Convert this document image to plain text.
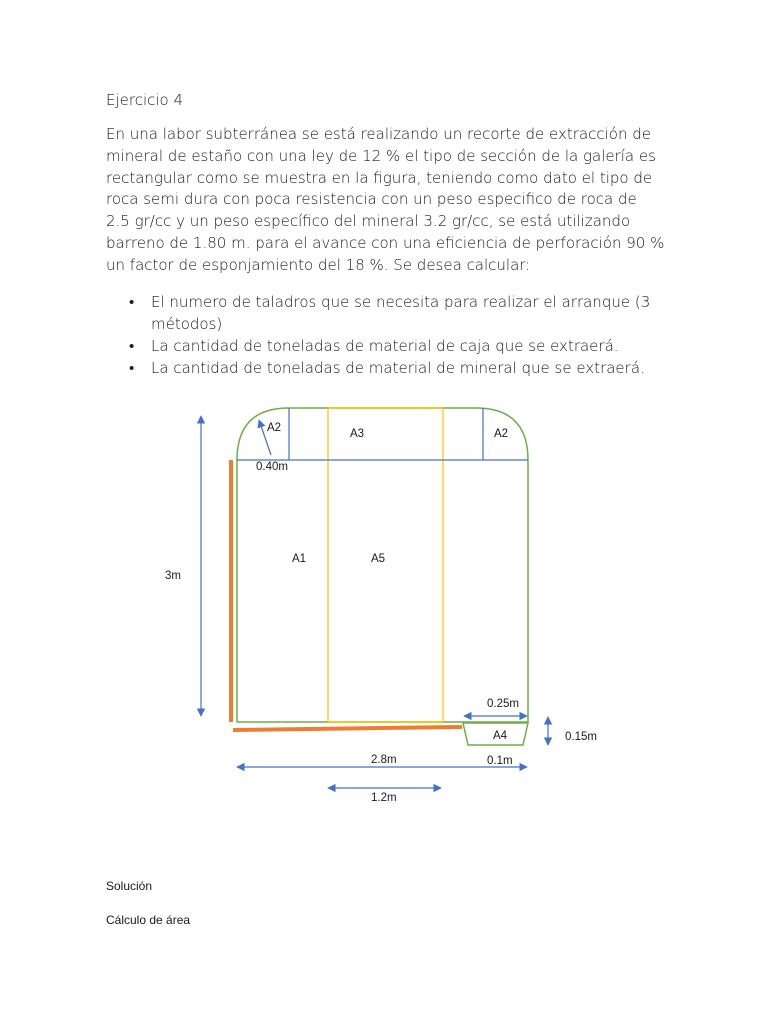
Ejercicio 4
En una labor subterránea se está realizando un recorte de extracción de
mineral de estaño con una ley de 12 % el tipo de sección de la galería es
rectangular como se muestra en la figura, teniendo como dato el tipo de
roca semi dura con poca resistencia con un peso especifico de roca de
2.5 gr/cc y un peso específico del mineral 3.2 gr/cc, se está utilizando
barreno de 1.80 m. para el avance con una eficiencia de perforación 90 %
un factor de esponjamiento del 18 %. Se desea calcular:
• El numero de taladros que se necesita para realizar el arranque (3 métodos)
• La cantidad de toneladas de material de caja que se extraerá.
• La cantidad de toneladas de material de mineral que se extraerá.
A2	A3	A2
0.40m
A1	A5
3m
0.25m
A4	0.15m
2.8m	0.1m
1.2m
Solución
Cálculo de área
